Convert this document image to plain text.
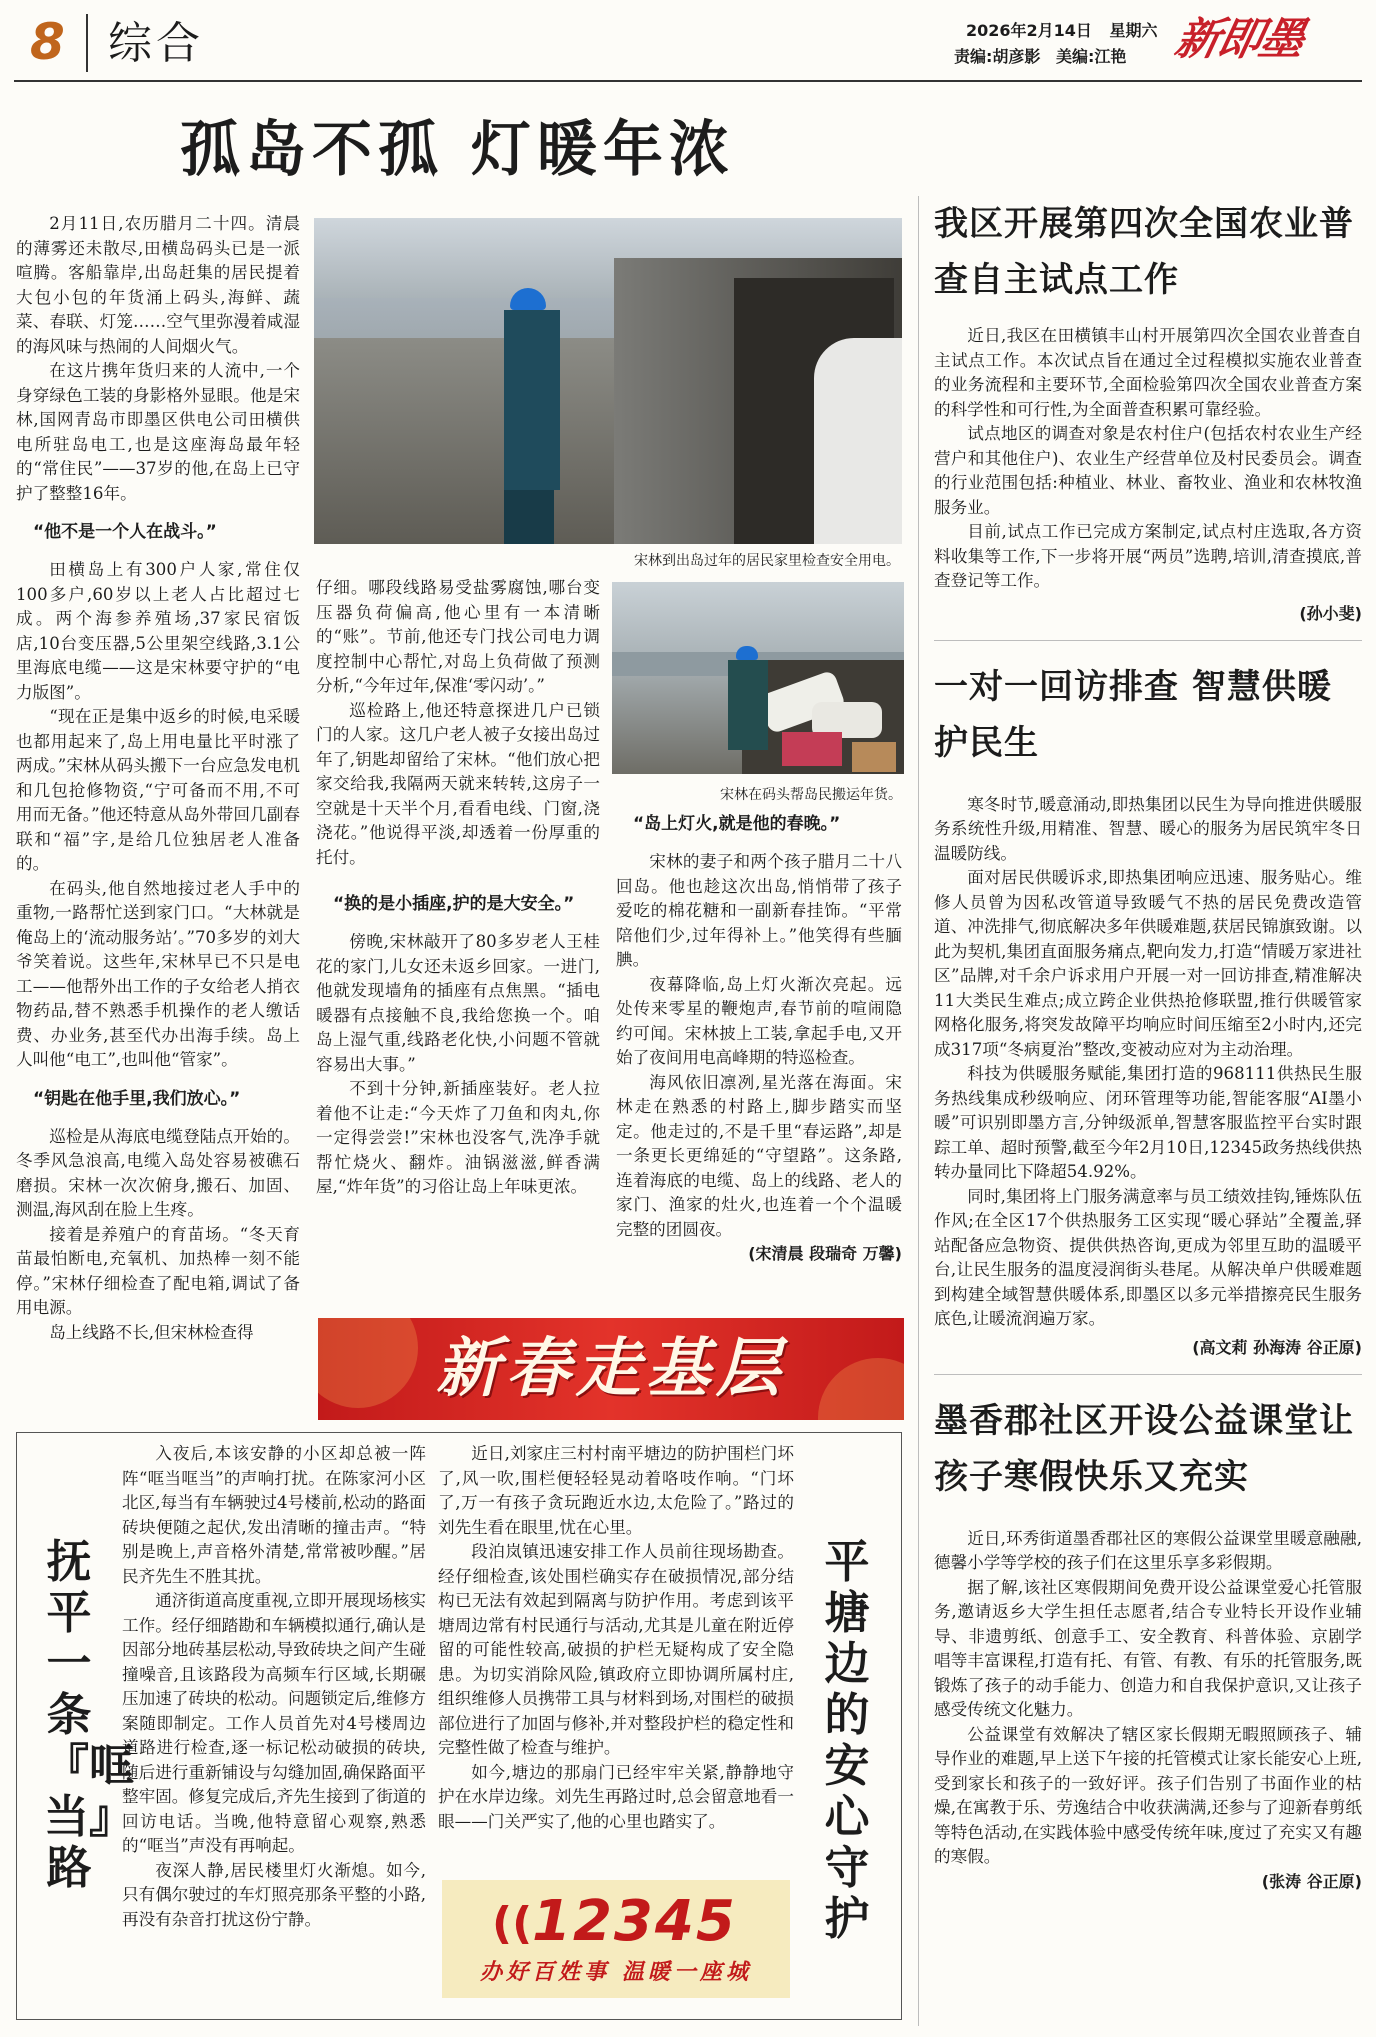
8 综合	2026年2月14日 星期六
责编:胡彦影 美编:江艳 新即墨
孤岛不孤 灯暖年浓

2月11日,农历腊月二十四。清晨的薄雾还未散尽,田横岛码头已是一派喧腾。客船靠岸,出岛赶集的居民提着大包小包的年货涌上码头,海鲜、蔬菜、春联、灯笼……空气里弥漫着咸湿的海风味与热闹的人间烟火气。

在这片携年货归来的人流中,一个身穿绿色工装的身影格外显眼。他是宋林,国网青岛市即墨区供电公司田横供电所驻岛电工,也是这座海岛最年轻的“常住民”——37岁的他,在岛上已守护了整整16年。

“他不是一个人在战斗。”

田横岛上有300户人家,常住仅100多户,60岁以上老人占比超过七成。两个海参养殖场,37家民宿饭店,10台变压器,5公里架空线路,3.1公里海底电缆——这是宋林要守护的“电力版图”。

“现在正是集中返乡的时候,电采暖也都用起来了,岛上用电量比平时涨了两成。”宋林从码头搬下一台应急发电机和几包抢修物资,“宁可备而不用,不可用而无备。”他还特意从岛外带回几副春联和“福”字,是给几位独居老人准备的。

在码头,他自然地接过老人手中的重物,一路帮忙送到家门口。“大林就是俺岛上的‘流动服务站’。”70多岁的刘大爷笑着说。这些年,宋林早已不只是电工——他帮外出工作的子女给老人捎衣物药品,替不熟悉手机操作的老人缴话费、办业务,甚至代办出海手续。岛上人叫他“电工”,也叫他“管家”。

“钥匙在他手里,我们放心。”

巡检是从海底电缆登陆点开始的。冬季风急浪高,电缆入岛处容易被礁石磨损。宋林一次次俯身,搬石、加固、测温,海风刮在脸上生疼。

接着是养殖户的育苗场。“冬天育苗最怕断电,充氧机、加热棒一刻不能停。”宋林仔细检查了配电箱,调试了备用电源。

岛上线路不长,但宋林检查得

宋林到出岛过年的居民家里检查安全用电。

仔细。哪段线路易受盐雾腐蚀,哪台变压器负荷偏高,他心里有一本清晰的“账”。节前,他还专门找公司电力调度控制中心帮忙,对岛上负荷做了预测分析,“今年过年,保准‘零闪动’。”

巡检路上,他还特意探进几户已锁门的人家。这几户老人被子女接出岛过年了,钥匙却留给了宋林。“他们放心把家交给我,我隔两天就来转转,这房子一空就是十天半个月,看看电线、门窗,浇浇花。”他说得平淡,却透着一份厚重的托付。

“换的是小插座,护的是大安全。”

傍晚,宋林敲开了80多岁老人王桂花的家门,儿女还未返乡回家。一进门,他就发现墙角的插座有点焦黑。“插电暖器有点接触不良,我给您换一个。咱岛上湿气重,线路老化快,小问题不管就容易出大事。”

不到十分钟,新插座装好。老人拉着他不让走:“今天炸了刀鱼和肉丸,你一定得尝尝!”宋林也没客气,洗净手就帮忙烧火、翻炸。油锅滋滋,鲜香满屋,“炸年货”的习俗让岛上年味更浓。

宋林在码头帮岛民搬运年货。
“岛上灯火,就是他的春晚。”

宋林的妻子和两个孩子腊月二十八回岛。他也趁这次出岛,悄悄带了孩子爱吃的棉花糖和一副新春挂饰。“平常陪他们少,过年得补上。”他笑得有些腼腆。

夜幕降临,岛上灯火渐次亮起。远处传来零星的鞭炮声,春节前的喧闹隐约可闻。宋林披上工装,拿起手电,又开始了夜间用电高峰期的特巡检查。

海风依旧凛冽,星光落在海面。宋林走在熟悉的村路上,脚步踏实而坚定。他走过的,不是千里“春运路”,却是一条更长更绵延的“守望路”。这条路,连着海底的电缆、岛上的线路、老人的家门、渔家的灶火,也连着一个个温暖完整的团圆夜。

(宋清晨 段瑞奇 万馨)
新春走基层
抚平一条『哐当』路

入夜后,本该安静的小区却总被一阵阵“哐当哐当”的声响打扰。在陈家河小区北区,每当有车辆驶过4号楼前,松动的路面砖块便随之起伏,发出清晰的撞击声。“特别是晚上,声音格外清楚,常常被吵醒。”居民齐先生不胜其扰。

通济街道高度重视,立即开展现场核实工作。经仔细踏勘和车辆模拟通行,确认是因部分地砖基层松动,导致砖块之间产生碰撞噪音,且该路段为高频车行区域,长期碾压加速了砖块的松动。问题锁定后,维修方案随即制定。工作人员首先对4号楼周边道路进行检查,逐一标记松动破损的砖块,随后进行重新铺设与勾缝加固,确保路面平整牢固。修复完成后,齐先生接到了街道的回访电话。当晚,他特意留心观察,熟悉的“哐当”声没有再响起。

夜深人静,居民楼里灯火渐熄。如今,只有偶尔驶过的车灯照亮那条平整的小路,再没有杂音打扰这份宁静。

近日,刘家庄三村村南平塘边的防护围栏门坏了,风一吹,围栏便轻轻晃动着咯吱作响。“门坏了,万一有孩子贪玩跑近水边,太危险了。”路过的刘先生看在眼里,忧在心里。

段泊岚镇迅速安排工作人员前往现场勘查。经仔细检查,该处围栏确实存在破损情况,部分结构已无法有效起到隔离与防护作用。考虑到该平塘周边常有村民通行与活动,尤其是儿童在附近停留的可能性较高,破损的护栏无疑构成了安全隐患。为切实消除风险,镇政府立即协调所属村庄,组织维修人员携带工具与材料到场,对围栏的破损部位进行了加固与修补,并对整段护栏的稳定性和完整性做了检查与维护。

如今,塘边的那扇门已经牢牢关紧,静静地守护在水岸边缘。刘先生再路过时,总会留意地看一眼——门关严实了,他的心里也踏实了。

平塘边的安心守护
(( 12345
办好百姓事 温暖一座城
我区开展第四次全国农业普查自主试点工作

近日,我区在田横镇丰山村开展第四次全国农业普查自主试点工作。本次试点旨在通过全过程模拟实施农业普查的业务流程和主要环节,全面检验第四次全国农业普查方案的科学性和可行性,为全面普查积累可靠经验。

试点地区的调查对象是农村住户(包括农村农业生产经营户和其他住户)、农业生产经营单位及村民委员会。调查的行业范围包括:种植业、林业、畜牧业、渔业和农林牧渔服务业。

目前,试点工作已完成方案制定,试点村庄选取,各方资料收集等工作,下一步将开展“两员”选聘,培训,清查摸底,普查登记等工作。

(孙小斐)
一对一回访排查 智慧供暖护民生

寒冬时节,暖意涌动,即热集团以民生为导向推进供暖服务系统性升级,用精准、智慧、暖心的服务为居民筑牢冬日温暖防线。

面对居民供暖诉求,即热集团响应迅速、服务贴心。维修人员曾为因私改管道导致暖气不热的居民免费改造管道、冲洗排气,彻底解决多年供暖难题,获居民锦旗致谢。以此为契机,集团直面服务痛点,靶向发力,打造“情暖万家进社区”品牌,对千余户诉求用户开展一对一回访排查,精准解决11大类民生难点;成立跨企业供热抢修联盟,推行供暖管家网格化服务,将突发故障平均响应时间压缩至2小时内,还完成317项“冬病夏治”整改,变被动应对为主动治理。

科技为供暖服务赋能,集团打造的968111供热民生服务热线集成秒级响应、闭环管理等功能,智能客服“AI墨小暖”可识别即墨方言,分钟级派单,智慧客服监控平台实时跟踪工单、超时预警,截至今年2月10日,12345政务热线供热转办量同比下降超54.92%。

同时,集团将上门服务满意率与员工绩效挂钩,锤炼队伍作风;在全区17个供热服务工区实现“暖心驿站”全覆盖,驿站配备应急物资、提供供热咨询,更成为邻里互助的温暖平台,让民生服务的温度浸润街头巷尾。从解决单户供暖难题到构建全域智慧供暖体系,即墨区以多元举措擦亮民生服务底色,让暖流润遍万家。

(高文莉 孙海涛 谷正原)
墨香郡社区开设公益课堂让孩子寒假快乐又充实

近日,环秀街道墨香郡社区的寒假公益课堂里暖意融融,德馨小学等学校的孩子们在这里乐享多彩假期。

据了解,该社区寒假期间免费开设公益课堂爱心托管服务,邀请返乡大学生担任志愿者,结合专业特长开设作业辅导、非遗剪纸、创意手工、安全教育、科普体验、京剧学唱等丰富课程,打造有托、有管、有教、有乐的托管服务,既锻炼了孩子的动手能力、创造力和自我保护意识,又让孩子感受传统文化魅力。

公益课堂有效解决了辖区家长假期无暇照顾孩子、辅导作业的难题,早上送下午接的托管模式让家长能安心上班,受到家长和孩子的一致好评。孩子们告别了书面作业的枯燥,在寓教于乐、劳逸结合中收获满满,还参与了迎新春剪纸等特色活动,在实践体验中感受传统年味,度过了充实又有趣的寒假。

(张涛 谷正原)
